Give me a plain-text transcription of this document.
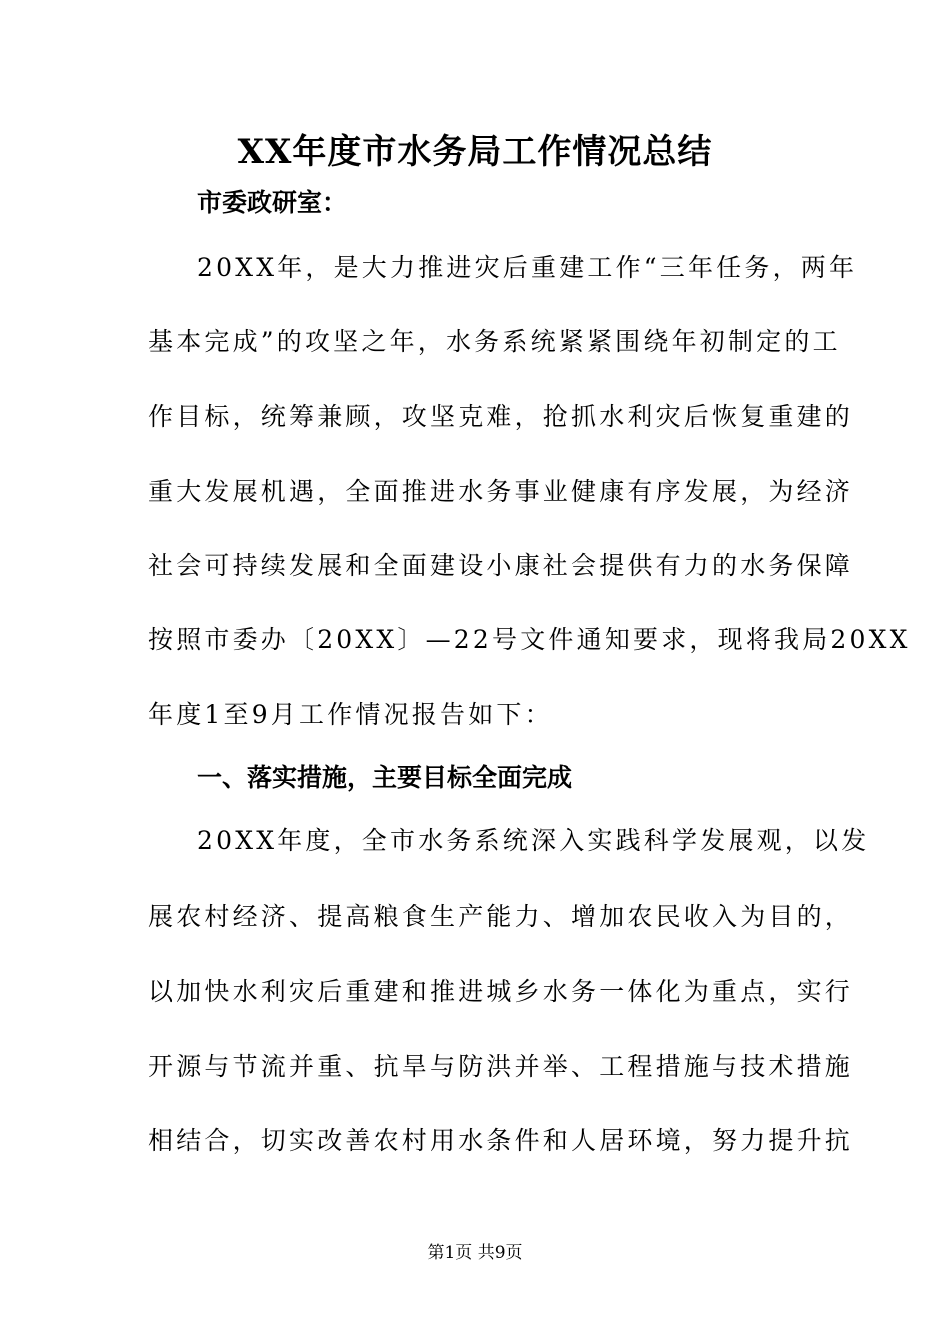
XX年度市水务局工作情况总结
市委政研室：
20XX年，是大力推进灾后重建工作“三年任务，两年
基本完成”的攻坚之年，水务系统紧紧围绕年初制定的工
作目标，统筹兼顾，攻坚克难，抢抓水利灾后恢复重建的
重大发展机遇，全面推进水务事业健康有序发展，为经济
社会可持续发展和全面建设小康社会提供有力的水务保障
按照市委办〔20XX〕—22号文件通知要求，现将我局20XX
年度1至9月工作情况报告如下：
一、落实措施，主要目标全面完成
20XX年度，全市水务系统深入实践科学发展观，以发
展农村经济、提高粮食生产能力、增加农民收入为目的，
以加快水利灾后重建和推进城乡水务一体化为重点，实行
开源与节流并重、抗旱与防洪并举、工程措施与技术措施
相结合，切实改善农村用水条件和人居环境，努力提升抗
第1页 共9页
